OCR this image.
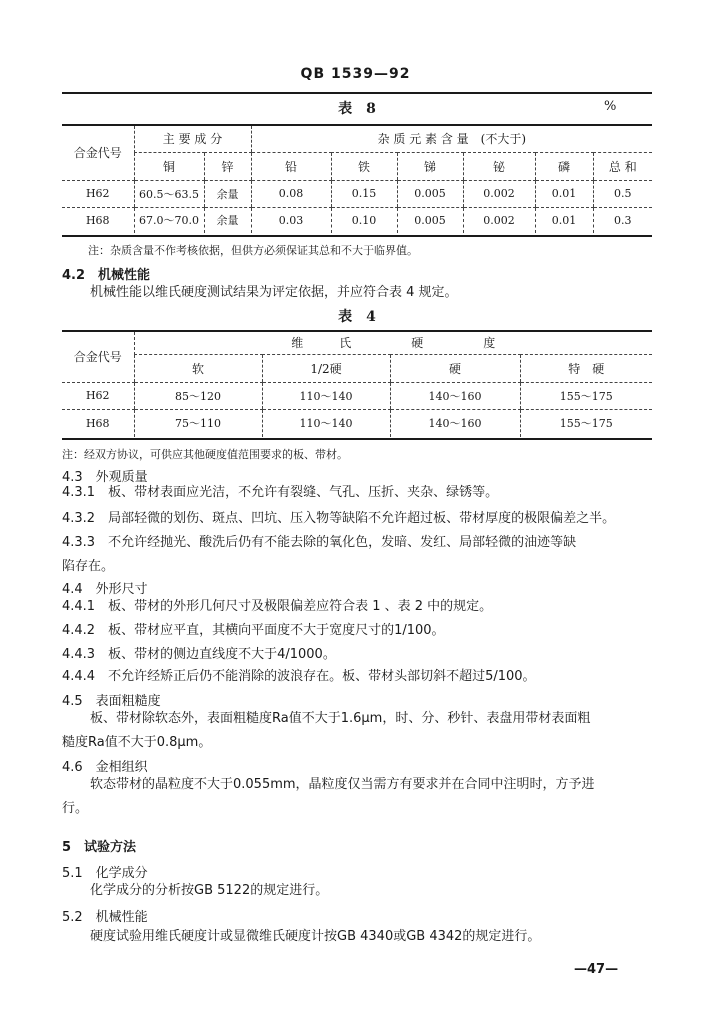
QB 1539—92
表　8	%
合金代号	主 要 成 分		杂 质 元 素 含 量　(不大于)					
	铜	锌	铅	铁	锑	铋	磷	总 和
H62	60.5～63.5	余量	0.08	0.15	0.005	0.002	0.01	0.5
H68	67.0～70.0	余量	0.03	0.10	0.005	0.002	0.01	0.3
注：杂质含量不作考核依据，但供方必须保证其总和不大于临界值。
4.2　机械性能
机械性能以维氏硬度测试结果为评定依据，并应符合表 4 规定。
表　4
合金代号	维　　　氏　　　　　硬　　　　　度			
	软	1/2硬	硬	特　硬
H62	85～120	110～140	140～160	155～175
H68	75～110	110～140	140～160	155～175
注：经双方协议，可供应其他硬度值范围要求的板、带材。
4.3　外观质量
4.3.1　板、带材表面应光洁，不允许有裂缝、气孔、压折、夹杂、绿锈等。
4.3.2　局部轻微的划伤、斑点、凹坑、压入物等缺陷不允许超过板、带材厚度的极限偏差之半。
4.3.3　不允许经抛光、酸洗后仍有不能去除的氧化色，发暗、发红、局部轻微的油迹等缺
陷存在。
4.4　外形尺寸
4.4.1　板、带材的外形几何尺寸及极限偏差应符合表 1 、表 2 中的规定。
4.4.2　板、带材应平直，其横向平面度不大于宽度尺寸的1/100。
4.4.3　板、带材的侧边直线度不大于4/1000。
4.4.4　不允许经矫正后仍不能消除的波浪存在。板、带材头部切斜不超过5/100。
4.5　表面粗糙度
板、带材除软态外，表面粗糙度Ra值不大于1.6μm，时、分、秒针、表盘用带材表面粗
糙度Ra值不大于0.8μm。
4.6　金相组织
软态带材的晶粒度不大于0.055mm，晶粒度仅当需方有要求并在合同中注明时，方予进
行。
5　试验方法
5.1　化学成分
化学成分的分析按GB 5122的规定进行。
5.2　机械性能
硬度试验用维氏硬度计或显微维氏硬度计按GB 4340或GB 4342的规定进行。
—47—
